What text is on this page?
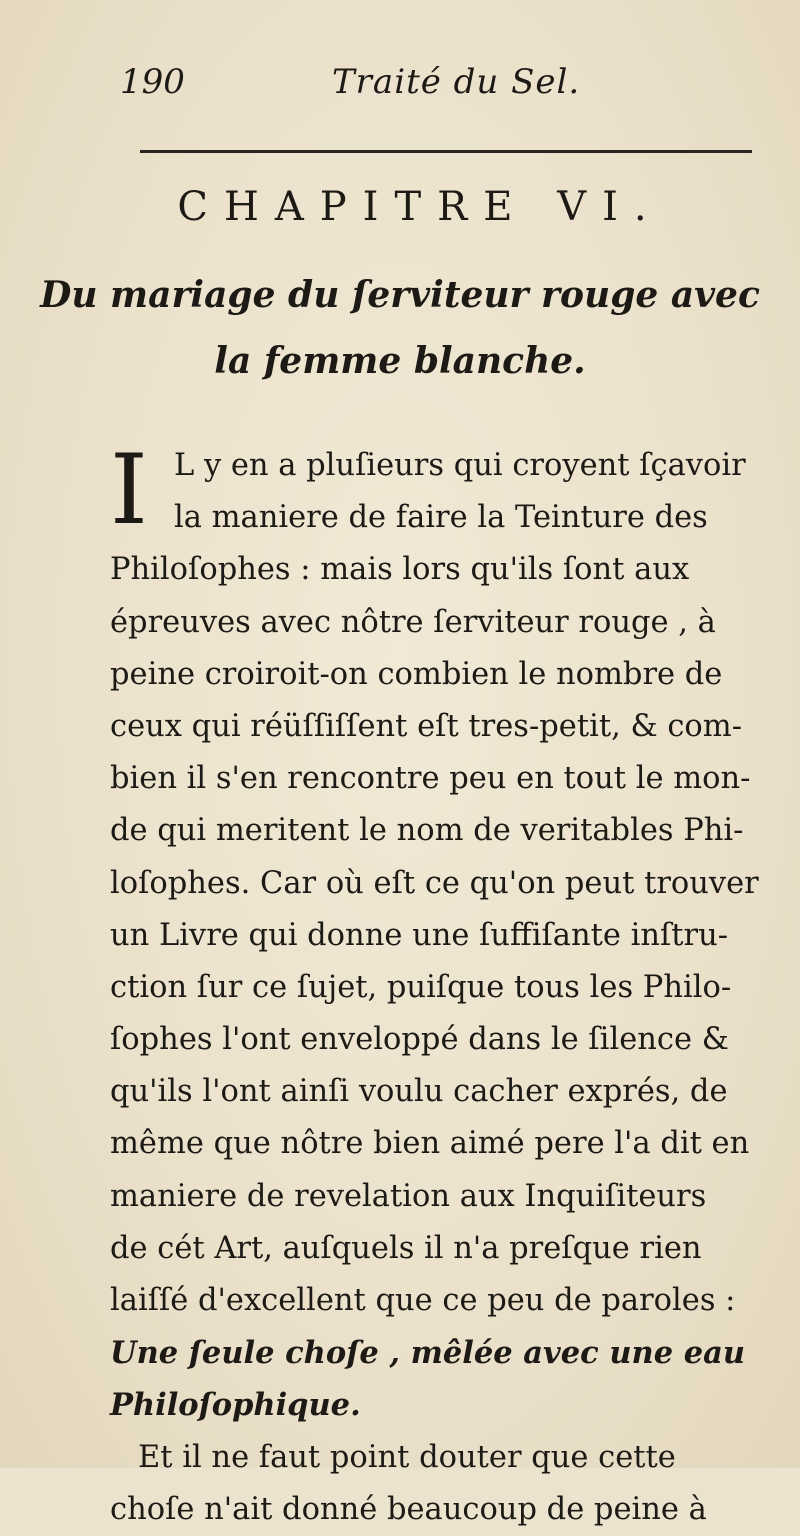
190	Traité du Sel.
CHAPITRE VI.
Du mariage du ſerviteur rouge avec
la femme blanche.
I L y en a pluſieurs qui croyent ſçavoir
la maniere de faire la Teinture des
Philoſophes : mais lors qu'ils ſont aux
épreuves avec nôtre ſerviteur rouge , à
peine croiroit-on combien le nombre de
ceux qui réüſſiſſent eſt tres-petit, & com-
bien il s'en rencontre peu en tout le mon-
de qui meritent le nom de veritables Phi-
loſophes. Car où eſt ce qu'on peut trouver
un Livre qui donne une ſuffiſante inſtru-
ction ſur ce ſujet, puiſque tous les Philo-
ſophes l'ont enveloppé dans le ſilence &
qu'ils l'ont ainſi voulu cacher exprés, de
même que nôtre bien aimé pere l'a dit en
maniere de revelation aux Inquiſiteurs
de cét Art, auſquels il n'a preſque rien
laiſſé d'excellent que ce peu de paroles :
Une ſeule choſe , mêlée avec une eau
Philoſophique.
Et il ne faut point douter que cette
choſe n'ait donné beaucoup de peine à
